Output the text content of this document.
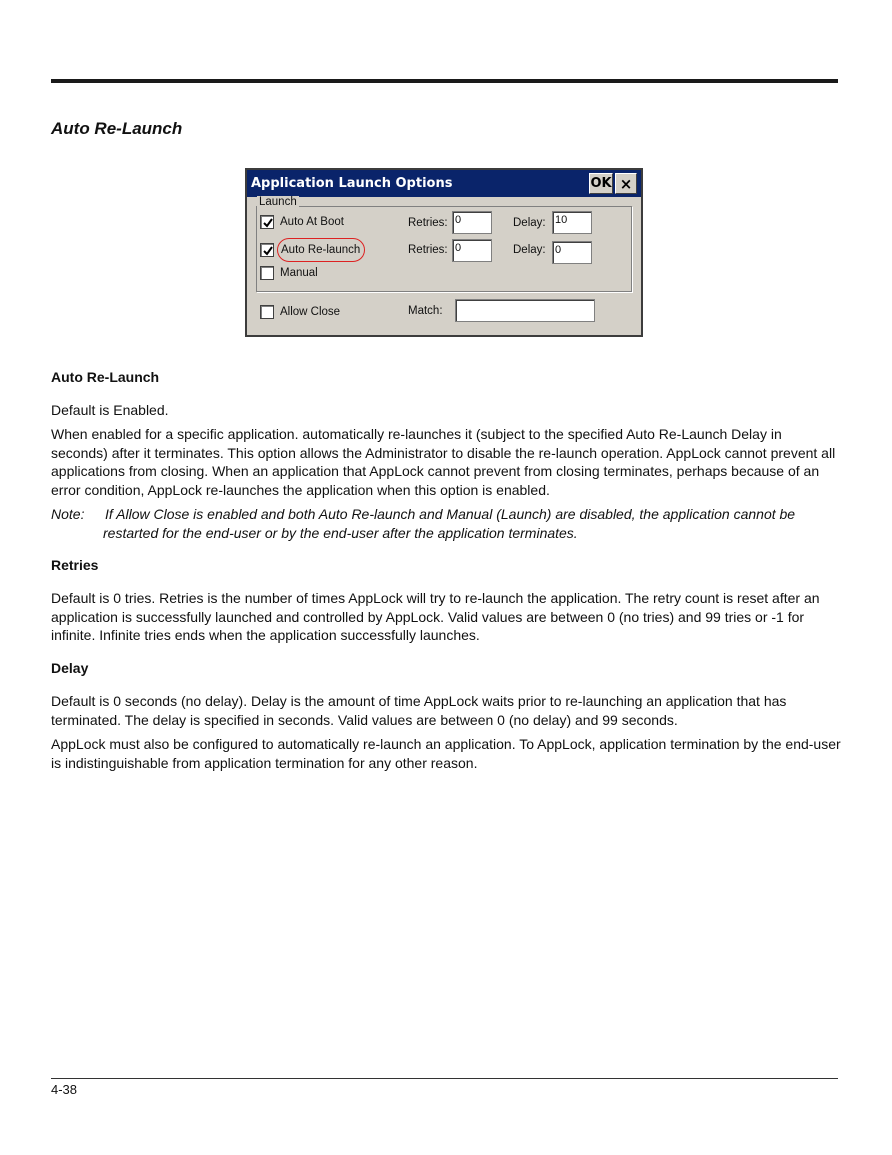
Auto Re-Launch
Application Launch Options	OK ×
Launch
Auto At Boot	Retries: 0	Delay: 10
Auto Re-launch	Retries: 0	Delay: 0
Manual
Allow Close	Match:
Auto Re-Launch
Default is Enabled.
When enabled for a specific application. automatically re-launches it (subject to the specified Auto Re-Launch Delay in seconds) after it terminates. This option allows the Administrator to disable the re-launch operation. AppLock cannot prevent all applications from closing. When an application that AppLock cannot prevent from closing terminates, perhaps because of an error condition, AppLock re-launches the application when this option is enabled.
Note: If Allow Close is enabled and both Auto Re-launch and Manual (Launch) are disabled, the application cannot be restarted for the end-user or by the end-user after the application terminates.
Retries
Default is 0 tries. Retries is the number of times AppLock will try to re-launch the application. The retry count is reset after an application is successfully launched and controlled by AppLock. Valid values are between 0 (no tries) and 99 tries or -1 for infinite. Infinite tries ends when the application successfully launches.
Delay
Default is 0 seconds (no delay). Delay is the amount of time AppLock waits prior to re-launching an application that has terminated. The delay is specified in seconds. Valid values are between 0 (no delay) and 99 seconds.
AppLock must also be configured to automatically re-launch an application. To AppLock, application termination by the end-user is indistinguishable from application termination for any other reason.
4-38
